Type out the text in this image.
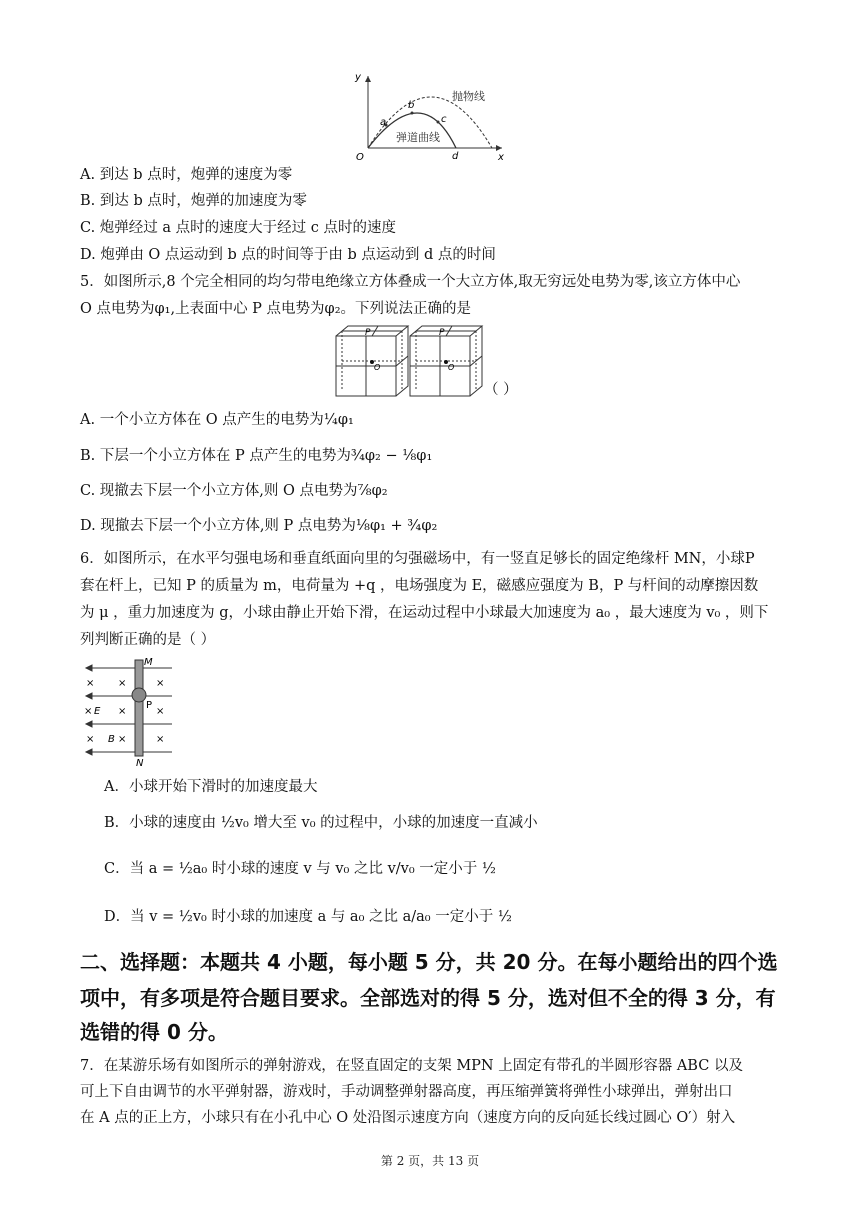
y
x
O
抛物线
弹道曲线
a
b
c
d
A. 到达 b 点时，炮弹的速度为零
B. 到达 b 点时，炮弹的加速度为零
C. 炮弹经过 a 点时的速度大于经过 c 点时的速度
D. 炮弹由 O 点运动到 b 点的时间等于由 b 点运动到 d 点的时间
5．如图所示,8 个完全相同的均匀带电绝缘立方体叠成一个大立方体,取无穷远处电势为零,该立方体中心
O 点电势为φ₁,上表面中心 P 点电势为φ₂。下列说法正确的是
P
O
P
O
（ ）
A. 一个小立方体在 O 点产生的电势为¼φ₁
B. 下层一个小立方体在 P 点产生的电势为¾φ₂ − ⅛φ₁
C. 现撤去下层一个小立方体,则 O 点电势为⅞φ₂
D. 现撤去下层一个小立方体,则 P 点电势为⅛φ₁ + ¾φ₂
6．如图所示，在水平匀强电场和垂直纸面向里的匀强磁场中，有一竖直足够长的固定绝缘杆 MN，小球P
套在杆上，已知 P 的质量为 m，电荷量为 +q ，电场强度为 E，磁感应强度为 B，P 与杆间的动摩擦因数
为 μ ，重力加速度为 g，小球由静止开始下滑，在运动过程中小球最大加速度为 a₀ ，最大速度为 v₀ ，则下
列判断正确的是（ ）
M
N
P
E
B
× ×	×
×	×	×
× ×	×
A．小球开始下滑时的加速度最大
B．小球的速度由 ½v₀ 增大至 v₀ 的过程中，小球的加速度一直减小
C．当 a = ½a₀ 时小球的速度 v 与 v₀ 之比 v/v₀ 一定小于 ½
D．当 v = ½v₀ 时小球的加速度 a 与 a₀ 之比 a/a₀ 一定小于 ½
二、选择题：本题共 4 小题，每小题 5 分，共 20 分。在每小题给出的四个选
项中，有多项是符合题目要求。全部选对的得 5 分，选对但不全的得 3 分，有
选错的得 0 分。
7．在某游乐场有如图所示的弹射游戏，在竖直固定的支架 MPN 上固定有带孔的半圆形容器 ABC 以及
可上下自由调节的水平弹射器，游戏时，手动调整弹射器高度，再压缩弹簧将弹性小球弹出，弹射出口
在 A 点的正上方，小球只有在小孔中心 O 处沿图示速度方向（速度方向的反向延长线过圆心 O′）射入
第 2 页，共 13 页
